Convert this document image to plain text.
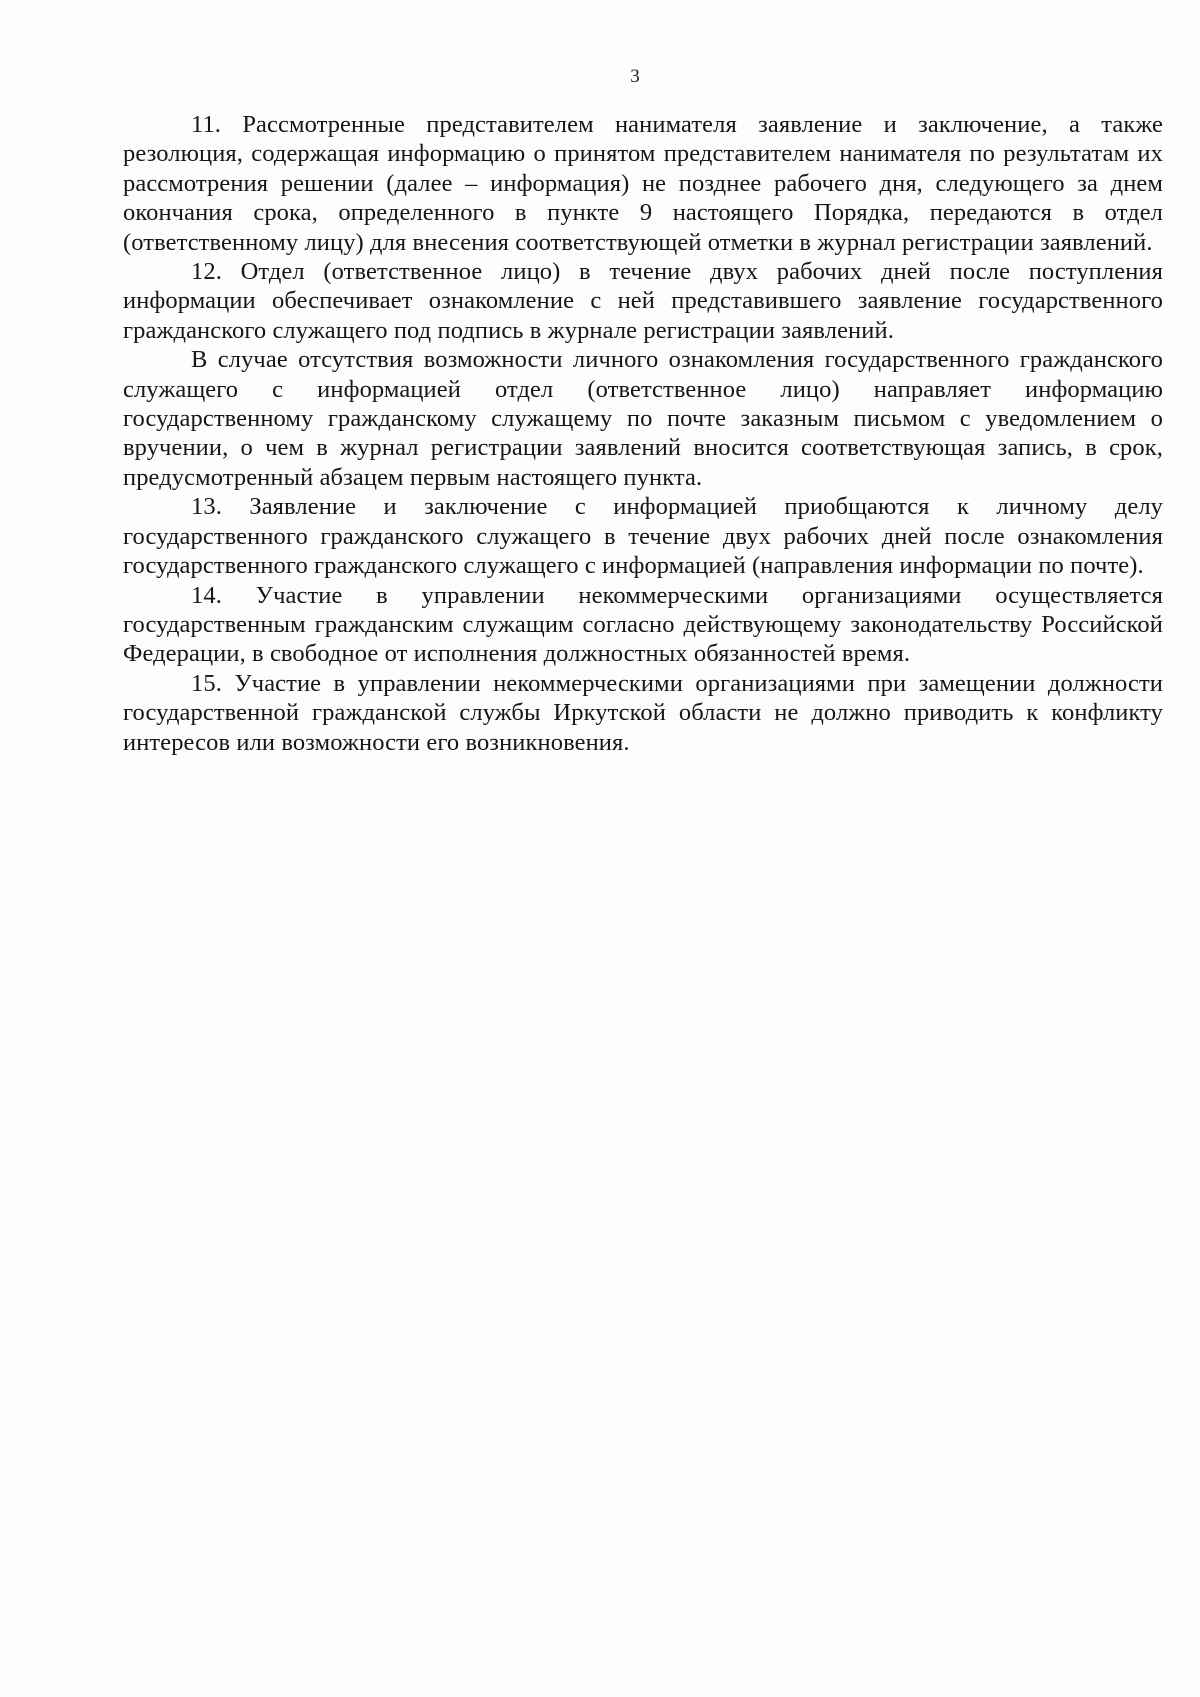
3

11. Рассмотренные представителем нанимателя заявление и заключение, а также резолюция, содержащая информацию о принятом представителем нанимателя по результатам их рассмотрения решении (далее – информация) не позднее рабочего дня, следующего за днем окончания срока, определенного в пункте 9 настоящего Порядка, передаются в отдел (ответственному лицу) для внесения соответствующей отметки в журнал регистрации заявлений.

12. Отдел (ответственное лицо) в течение двух рабочих дней после поступления информации обеспечивает ознакомление с ней представившего заявление государственного гражданского служащего под подпись в журнале регистрации заявлений.

В случае отсутствия возможности личного ознакомления государственного гражданского служащего с информацией отдел (ответственное лицо) направляет информацию государственному гражданскому служащему по почте заказным письмом с уведомлением о вручении, о чем в журнал регистрации заявлений вносится соответствующая запись, в срок, предусмотренный абзацем первым настоящего пункта.

13. Заявление и заключение с информацией приобщаются к личному делу государственного гражданского служащего в течение двух рабочих дней после ознакомления государственного гражданского служащего с информацией (направления информации по почте).

14. Участие в управлении некоммерческими организациями осуществляется государственным гражданским служащим согласно действующему законодательству Российской Федерации, в свободное от исполнения должностных обязанностей время.

15. Участие в управлении некоммерческими организациями при замещении должности государственной гражданской службы Иркутской области не должно приводить к конфликту интересов или возможности его возникновения.
